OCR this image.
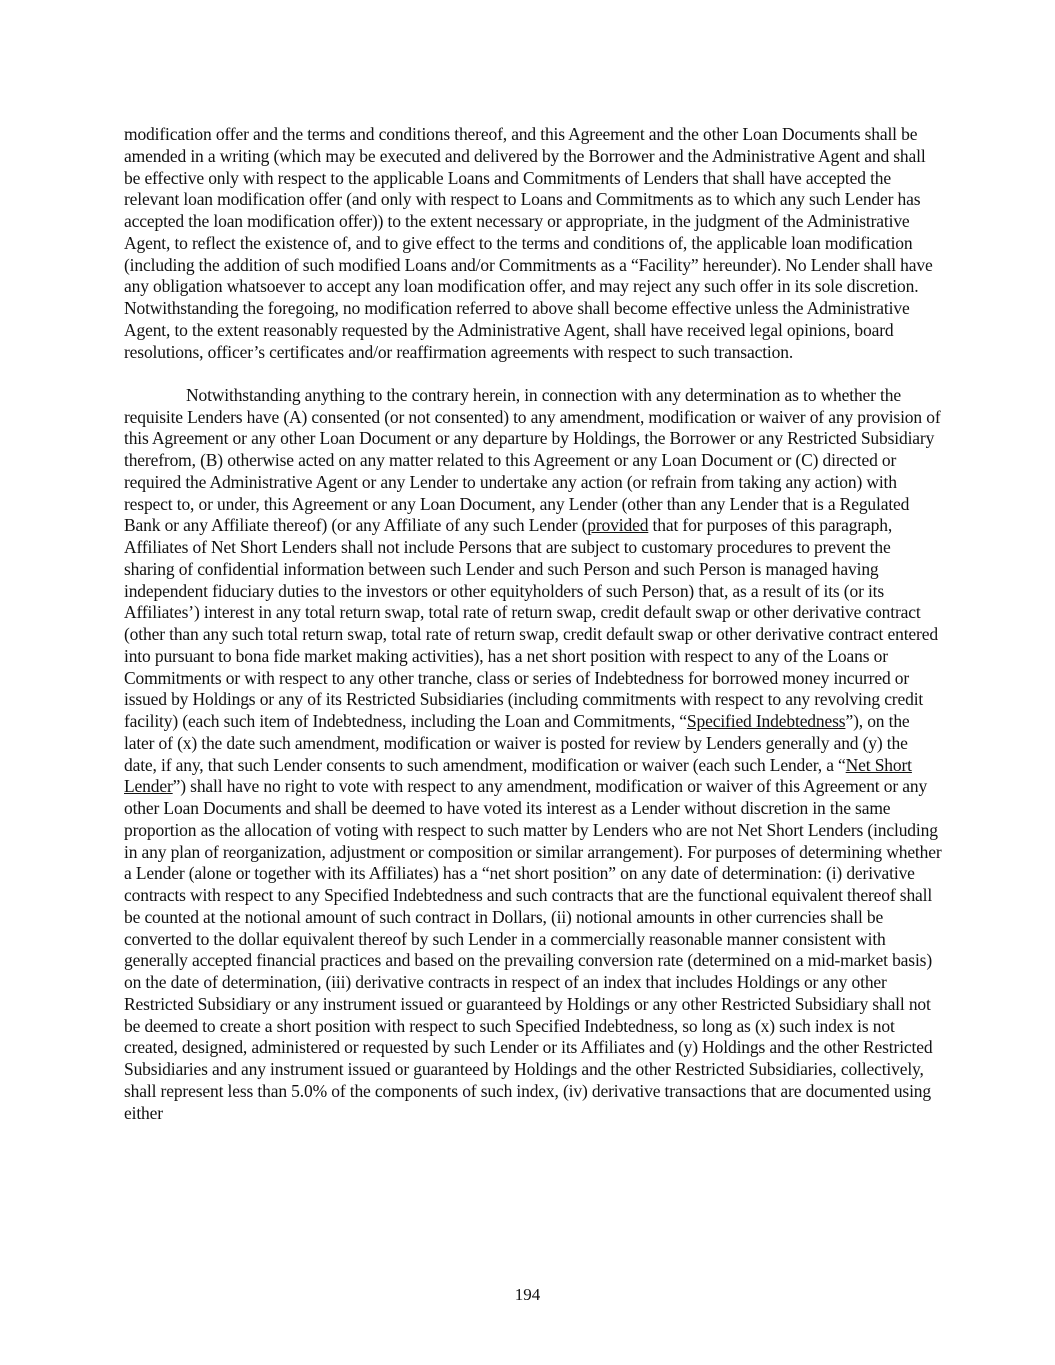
modification offer and the terms and conditions thereof, and this Agreement and the other Loan Documents shall be amended in a writing (which may be executed and delivered by the Borrower and the Administrative Agent and shall be effective only with respect to the applicable Loans and Commitments of Lenders that shall have accepted the relevant loan modification offer (and only with respect to Loans and Commitments as to which any such Lender has accepted the loan modification offer)) to the extent necessary or appropriate, in the judgment of the Administrative Agent, to reflect the existence of, and to give effect to the terms and conditions of, the applicable loan modification (including the addition of such modified Loans and/or Commitments as a “Facility” hereunder). No Lender shall have any obligation whatsoever to accept any loan modification offer, and may reject any such offer in its sole discretion. Notwithstanding the foregoing, no modification referred to above shall become effective unless the Administrative Agent, to the extent reasonably requested by the Administrative Agent, shall have received legal opinions, board resolutions, officer’s certificates and/or reaffirmation agreements with respect to such transaction.

Notwithstanding anything to the contrary herein, in connection with any determination as to whether the requisite Lenders have (A) consented (or not consented) to any amendment, modification or waiver of any provision of this Agreement or any other Loan Document or any departure by Holdings, the Borrower or any Restricted Subsidiary therefrom, (B) otherwise acted on any matter related to this Agreement or any Loan Document or (C) directed or required the Administrative Agent or any Lender to undertake any action (or refrain from taking any action) with respect to, or under, this Agreement or any Loan Document, any Lender (other than any Lender that is a Regulated Bank or any Affiliate thereof) (or any Affiliate of any such Lender (provided that for purposes of this paragraph, Affiliates of Net Short Lenders shall not include Persons that are subject to customary procedures to prevent the sharing of confidential information between such Lender and such Person and such Person is managed having independent fiduciary duties to the investors or other equityholders of such Person) that, as a result of its (or its Affiliates’) interest in any total return swap, total rate of return swap, credit default swap or other derivative contract (other than any such total return swap, total rate of return swap, credit default swap or other derivative contract entered into pursuant to bona fide market making activities), has a net short position with respect to any of the Loans or Commitments or with respect to any other tranche, class or series of Indebtedness for borrowed money incurred or issued by Holdings or any of its Restricted Subsidiaries (including commitments with respect to any revolving credit facility) (each such item of Indebtedness, including the Loan and Commitments, “Specified Indebtedness”), on the later of (x) the date such amendment, modification or waiver is posted for review by Lenders generally and (y) the date, if any, that such Lender consents to such amendment, modification or waiver (each such Lender, a “Net Short Lender”) shall have no right to vote with respect to any amendment, modification or waiver of this Agreement or any other Loan Documents and shall be deemed to have voted its interest as a Lender without discretion in the same proportion as the allocation of voting with respect to such matter by Lenders who are not Net Short Lenders (including in any plan of reorganization, adjustment or composition or similar arrangement). For purposes of determining whether a Lender (alone or together with its Affiliates) has a “net short position” on any date of determination: (i) derivative contracts with respect to any Specified Indebtedness and such contracts that are the functional equivalent thereof shall be counted at the notional amount of such contract in Dollars, (ii) notional amounts in other currencies shall be converted to the dollar equivalent thereof by such Lender in a commercially reasonable manner consistent with generally accepted financial practices and based on the prevailing conversion rate (determined on a mid-market basis) on the date of determination, (iii) derivative contracts in respect of an index that includes Holdings or any other Restricted Subsidiary or any instrument issued or guaranteed by Holdings or any other Restricted Subsidiary shall not be deemed to create a short position with respect to such Specified Indebtedness, so long as (x) such index is not created, designed, administered or requested by such Lender or its Affiliates and (y) Holdings and the other Restricted Subsidiaries and any instrument issued or guaranteed by Holdings and the other Restricted Subsidiaries, collectively, shall represent less than 5.0% of the components of such index, (iv) derivative transactions that are documented using either

194
